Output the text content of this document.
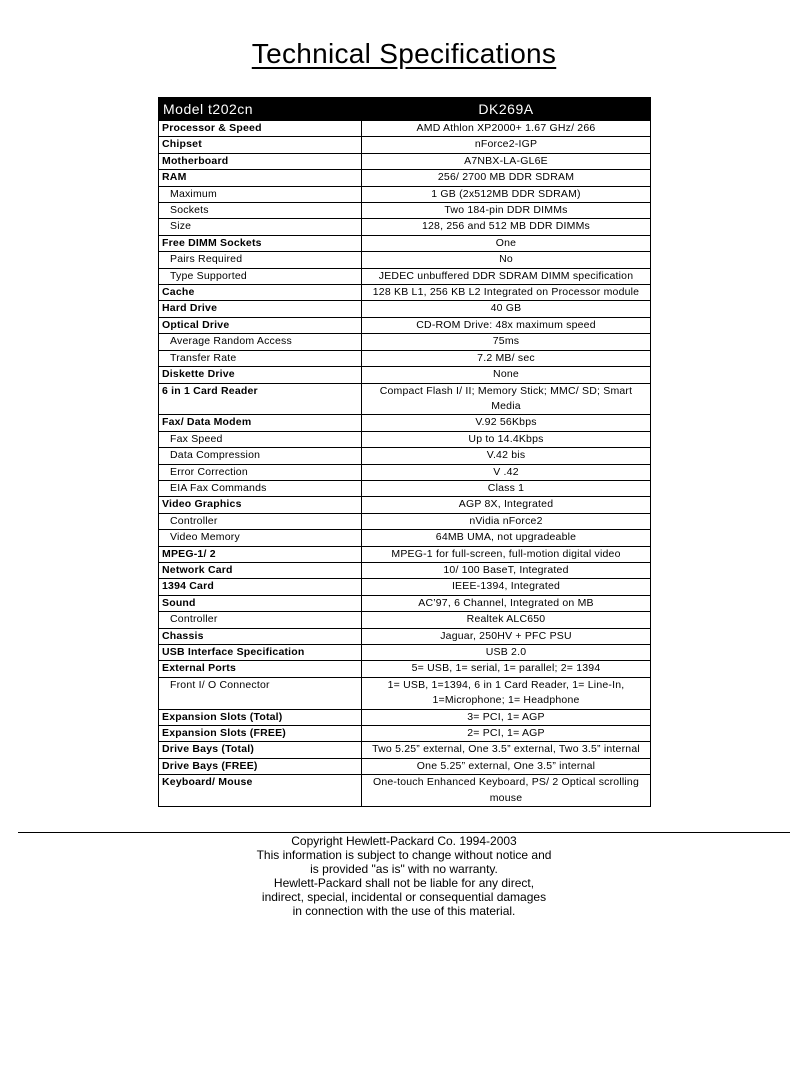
Technical Specifications
Model t202cn	DK269A
Processor & Speed	AMD Athlon XP2000+ 1.67 GHz/ 266
Chipset	nForce2-IGP
Motherboard	A7NBX-LA-GL6E
RAM	256/ 2700 MB DDR SDRAM
Maximum	1 GB (2x512MB DDR SDRAM)
Sockets	Two 184-pin DDR DIMMs
Size	128, 256 and 512 MB DDR DIMMs
Free DIMM Sockets	One
Pairs Required	No
Type Supported	JEDEC unbuffered DDR SDRAM DIMM specification
Cache	128 KB L1, 256 KB L2 Integrated on Processor module
Hard Drive	40 GB
Optical Drive	CD-ROM Drive: 48x maximum speed
Average Random Access	75ms
Transfer Rate	7.2 MB/ sec
Diskette Drive	None
6 in 1 Card Reader	Compact Flash I/ II; Memory Stick; MMC/ SD; Smart Media
Fax/ Data Modem	V.92 56Kbps
Fax Speed	Up to 14.4Kbps
Data Compression	V.42 bis
Error Correction	V .42
EIA Fax Commands	Class 1
Video Graphics	AGP 8X, Integrated
Controller	nVidia nForce2
Video Memory	64MB UMA, not upgradeable
MPEG-1/ 2	MPEG-1 for full-screen, full-motion digital video
Network Card	10/ 100 BaseT, Integrated
1394 Card	IEEE-1394, Integrated
Sound	AC’97, 6 Channel, Integrated on MB
Controller	Realtek ALC650
Chassis	Jaguar, 250HV + PFC PSU
USB Interface Specification	USB 2.0
External Ports	5= USB, 1= serial, 1= parallel; 2= 1394
Front I/ O Connector	1= USB, 1=1394, 6 in 1 Card Reader, 1= Line-In, 1=Microphone; 1= Headphone
Expansion Slots (Total)	3= PCI, 1= AGP
Expansion Slots (FREE)	2= PCI, 1= AGP
Drive Bays (Total)	Two 5.25” external, One 3.5” external, Two 3.5” internal
Drive Bays (FREE)	One 5.25” external, One 3.5” internal
Keyboard/ Mouse	One-touch Enhanced Keyboard, PS/ 2 Optical scrolling mouse
Copyright Hewlett-Packard Co. 1994-2003
This information is subject to change without notice and
is provided "as is" with no warranty.
Hewlett-Packard shall not be liable for any direct,
indirect, special, incidental or consequential damages
in connection with the use of this material.
